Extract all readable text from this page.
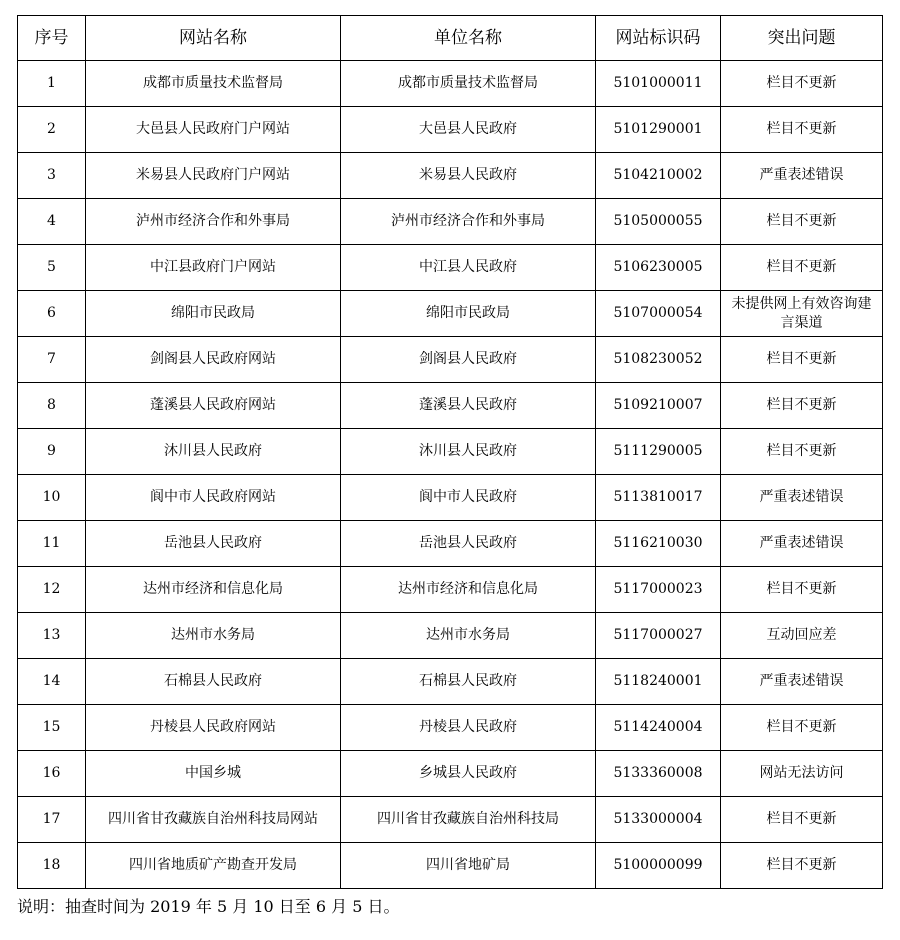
序号	网站名称	单位名称	网站标识码	突出问题
1	成都市质量技术监督局	成都市质量技术监督局	5101000011	栏目不更新
2	大邑县人民政府门户网站	大邑县人民政府	5101290001	栏目不更新
3	米易县人民政府门户网站	米易县人民政府	5104210002	严重表述错误
4	泸州市经济合作和外事局	泸州市经济合作和外事局	5105000055	栏目不更新
5	中江县政府门户网站	中江县人民政府	5106230005	栏目不更新
6	绵阳市民政局	绵阳市民政局	5107000054	未提供网上有效咨询建言渠道
7	剑阁县人民政府网站	剑阁县人民政府	5108230052	栏目不更新
8	蓬溪县人民政府网站	蓬溪县人民政府	5109210007	栏目不更新
9	沐川县人民政府	沐川县人民政府	5111290005	栏目不更新
10	阆中市人民政府网站	阆中市人民政府	5113810017	严重表述错误
11	岳池县人民政府	岳池县人民政府	5116210030	严重表述错误
12	达州市经济和信息化局	达州市经济和信息化局	5117000023	栏目不更新
13	达州市水务局	达州市水务局	5117000027	互动回应差
14	石棉县人民政府	石棉县人民政府	5118240001	严重表述错误
15	丹棱县人民政府网站	丹棱县人民政府	5114240004	栏目不更新
16	中国乡城	乡城县人民政府	5133360008	网站无法访问
17	四川省甘孜藏族自治州科技局网站	四川省甘孜藏族自治州科技局	5133000004	栏目不更新
18	四川省地质矿产勘查开发局	四川省地矿局	5100000099	栏目不更新
说明：抽查时间为 2019 年 5 月 10 日至 6 月 5 日。
